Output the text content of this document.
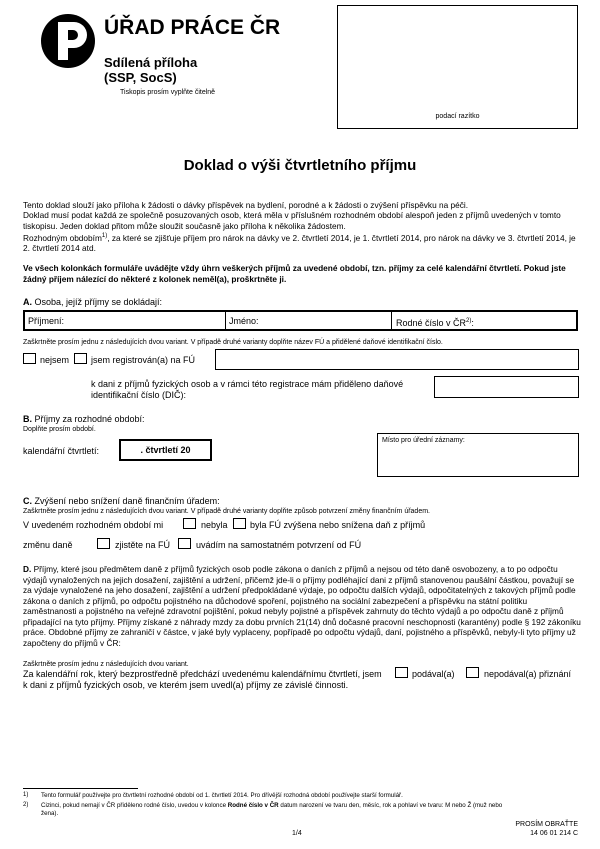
ÚŘAD PRÁCE ČR
Sdílená příloha
(SSP, SocS)
Tiskopis prosím vyplňte čitelně
podací razítko
Doklad o výši čtvrtletního příjmu
Tento doklad slouží jako příloha k žádosti o dávky příspěvek na bydlení, porodné a k žádosti o zvýšení příspěvku na péči.
Doklad musí podat každá ze společně posuzovaných osob, která měla v příslušném rozhodném období alespoň jeden z příjmů uvedených v tomto tiskopisu. Jeden doklad přitom může sloužit současně jako příloha k několika žádostem.
Rozhodným obdobím$^{1)}$, za které se zjišťuje příjem pro nárok na dávky ve 2. čtvrtletí 2014, je 1. čtvrtletí 2014, pro nárok na dávky ve 3. čtvrtletí 2014, je 2. čtvrtletí 2014 atd.
Ve všech kolonkách formuláře uvádějte vždy úhrn veškerých příjmů za uvedené období, tzn. příjmy za celé kalendářní čtvrtletí. Pokud jste žádný příjem nálezící do některé z kolonek neměl(a), proškrtněte ji.
A. Osoba, jejíž příjmy se dokládají:
Příjmení:	Jméno:	Rodné číslo v ČR$^{2)}$:
Zaškrtněte prosím jednu z následujících dvou variant. V případě druhé varianty doplňte název FÚ a přidělené daňové identifikační číslo.
nejsem jsem registrován(a) na FÚ
k dani z příjmů fyzických osob a v rámci této registrace mám přiděleno daňové identifikační číslo (DIČ):
B. Příjmy za rozhodné období:
Doplňte prosím období.
kalendářní čtvrtletí:	. čtvrtletí 20
Místo pro úřední záznamy:
C. Zvýšení nebo snížení daně finančním úřadem:
Zaškrtněte prosím jednu z následujících dvou variant. V případě druhé varianty doplňte způsob potvrzení změny finančním úřadem.
V uvedeném rozhodném období mi	nebyla byla FÚ zvýšena nebo snížena daň z příjmů
změnu daně	zjistěte na FÚ	uvádím na samostatném potvrzení od FÚ
D. Příjmy, které jsou předmětem daně z příjmů fyzických osob podle zákona o daních z příjmů a nejsou od této daně osvobozeny, a to po odpočtu výdajů vynaložených na jejich dosažení, zajištění a udržení, přičemž jde-li o příjmy podléhající dani z příjmů stanovenou paušální částkou, považují se za výdaje vynaložené na jeho dosažení, zajištění a udržení předpokládané výdaje, po odpočtu dalších výdajů, odpočitatelných z takových příjmů podle zákona o daních z příjmů, po odpočtu pojistného na důchodové spoření, pojistného na sociální zabezpečení a příspěvku na státní politiku zaměstnanosti a pojistného na veřejné zdravotní pojištění, pokud nebyly pojistné a příspěvek zahrnuty do těchto výdajů a po odpočtu daně z příjmů připadající na tyto příjmy. Příjmy získané z náhrady mzdy za dobu prvních 21(14) dnů dočasné pracovní neschopnosti (karantény) podle § 192 zákoníku práce. Obdobné příjmy ze zahraničí v částce, v jaké byly vyplaceny, popřípadě po odpočtu výdajů, daní, pojistného a příspěvků, nebyly-li tyto příjmy už započteny do příjmů v ČR:
Zaškrtněte prosím jednu z následujících dvou variant.
Za kalendářní rok, který bezprostředně předchází uvedenému kalendářnímu čtvrtletí, jsem	podával(a)	nepodával(a) přiznání
k dani z příjmů fyzických osob, ve kterém jsem uvedl(a) příjmy ze závislé činnosti.
1) Tento formulář používejte pro čtvrtletní rozhodné období od 1. čtvrtletí 2014. Pro dřívější rozhodná období používejte starší formulář.
2) Cizinci, pokud nemají v ČR přiděleno rodné číslo, uvedou v kolonce Rodné číslo v ČR datum narození ve tvaru den, měsíc, rok a pohlaví ve tvaru: M nebo Ž (muž nebo žena).
1/4
PROSÍM OBRAŤTE
14 06 01 214 C
